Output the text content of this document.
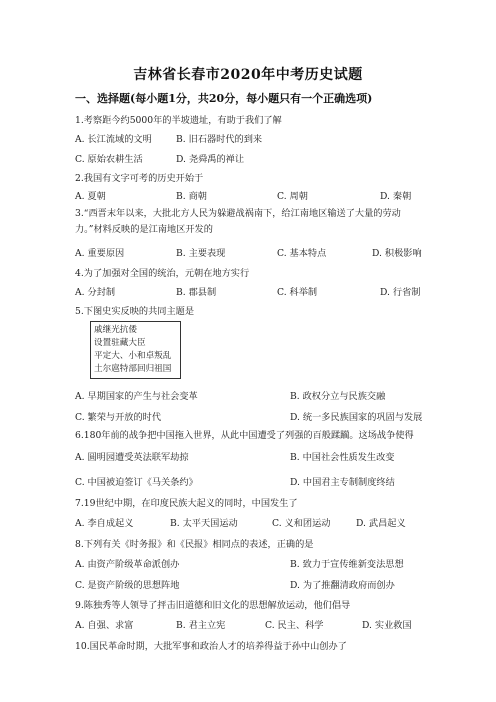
吉林省长春市2020年中考历史试题
一、选择题(每小题1分，共20分，每小题只有一个正确选项)
1.考察距今约5000年的半坡遗址，有助于我们了解
A. 长江流域的文明	B. 旧石器时代的到来
C. 原始农耕生活	D. 尧舜禹的禅让
2.我国有文字可考的历史开始于
A. 夏朝	B. 商朝	C. 周朝	D. 秦朝
3.“西晋末年以来，大批北方人民为躲避战祸南下，给江南地区输送了大量的劳动力。”材料反映的是江南地区开发的
A. 重要原因	B. 主要表现	C. 基本特点	D. 积极影响
4.为了加强对全国的统治，元朝在地方实行
A. 分封制	B. 郡县制	C. 科举制	D. 行省制
5.下图史实反映的共同主题是
戚继光抗倭
设置驻藏大臣
平定大、小和卓叛乱
土尔扈特部回归祖国
A. 早期国家的产生与社会变革	B. 政权分立与民族交融
C. 繁荣与开放的时代	D. 统一多民族国家的巩固与发展
6.180年前的战争把中国拖入世界，从此中国遭受了列强的百般蹂躏。这场战争使得
A. 圆明园遭受英法联军劫掠	B. 中国社会性质发生改变
C. 中国被迫签订《马关条约》	D. 中国君主专制制度终结
7.19世纪中期，在印度民族大起义的同时，中国发生了
A. 李自成起义	B. 太平天国运动	C. 义和团运动	D. 武昌起义
8.下列有关《时务报》和《民报》相同点的表述，正确的是
A. 由资产阶级革命派创办	B. 致力于宣传维新变法思想
C. 是资产阶级的思想阵地	D. 为了推翻清政府而创办
9.陈独秀等人领导了抨击旧道德和旧文化的思想解放运动，他们倡导
A. 自强、求富	B. 君主立宪	C. 民主、科学	D. 实业救国
10.国民革命时期，大批军事和政治人才的培养得益于孙中山创办了
